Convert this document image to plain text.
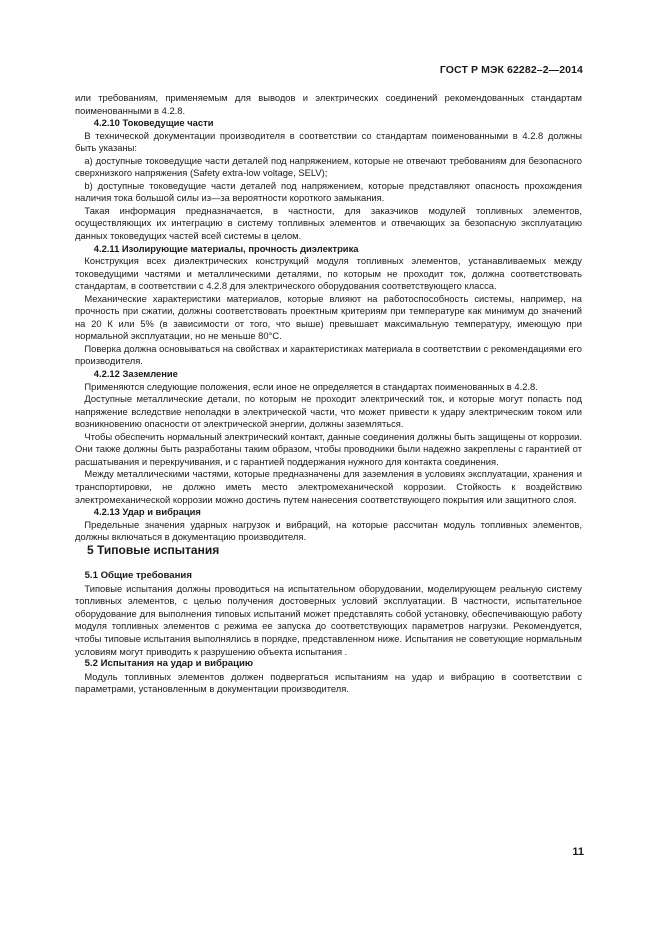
ГОСТ Р МЭК 62282–2—2014

или требованиям, применяемым для выводов и электрических соединений рекомендованных стандартам поименованными в 4.2.8.

4.2.10 Токоведущие части

В технической документации производителя в соответствии со стандартам поименованными в 4.2.8 должны быть указаны:

а) доступные токоведущие части деталей под напряжением, которые не отвечают требованиям для безопасного сверхнизкого напряжения (Safety extra-low voltage, SELV);

b) доступные токоведущие части деталей под напряжением, которые представляют опасность прохождения наличия тока большой силы из—за вероятности короткого замыкания.

Такая информация предназначается, в частности, для заказчиков модулей топливных элементов, осуществляющих их интеграцию в систему топливных элементов и отвечающих за безопасную эксплуатацию данных токоведущих частей всей системы в целом.

4.2.11 Изолирующие материалы, прочность диэлектрика

Конструкция всех диэлектрических конструкций модуля топливных элементов, устанавливаемых между токоведущими частями и металлическими деталями, по которым не проходит ток, должна соответствовать стандартам, в соответствии с 4.2.8 для электрического оборудования соответствующего класса.

Механические характеристики материалов, которые влияют на работоспособность системы, например, на прочность при сжатии, должны соответствовать проектным критериям при температуре как минимум до значений на 20 К или 5% (в зависимости от того, что выше) превышает максимальную температуру, имеющую при нормальной эксплуатации, но не меньше 80°С.

Поверка должна основываться на свойствах и характеристиках материала в соответствии с рекомендациями его производителя.

4.2.12 Заземление

Применяются следующие положения, если иное не определяется в стандартах поименованных в 4.2.8.

Доступные металлические детали, по которым не проходит электрический ток, и которые могут попасть под напряжение вследствие неполадки в электрической части, что может привести к удару электрическим током или возникновению опасности от электрической энергии, должны заземляться.

Чтобы обеспечить нормальный электрический контакт, данные соединения должны быть защищены от коррозии. Они также должны быть разработаны таким образом, чтобы проводники были надежно закреплены с гарантией от расшатывания и перекручивания, и с гарантией поддержания нужного для контакта соединения.

Между металлическими частями, которые предназначены для заземления в условиях эксплуатации, хранения и транспортировки, не должно иметь место электромеханической коррозии. Стойкость к воздействию электромеханической коррозии можно достичь путем нанесения соответствующего покрытия или защитного слоя.

4.2.13 Удар и вибрация

Предельные значения ударных нагрузок и вибраций, на которые рассчитан модуль топливных элементов, должны включаться в документацию производителя.

5 Типовые испытания

5.1 Общие требования

Типовые испытания должны проводиться на испытательном оборудовании, моделирующем реальную систему топливных элементов, с целью получения достоверных условий эксплуатации. В частности, испытательное оборудование для выполнения типовых испытаний может представлять собой установку, обеспечивающую работу модуля топливных элементов с режима ее запуска до соответствующих параметров нагрузки. Рекомендуется, чтобы типовые испытания выполнялись в порядке, представленном ниже. Испытания не советующие нормальным условиям могут приводить к разрушению объекта испытания .

5.2 Испытания на удар и вибрацию

Модуль топливных элементов должен подвергаться испытаниям на удар и вибрацию в соответствии с параметрами, установленным в документации производителя.

11
